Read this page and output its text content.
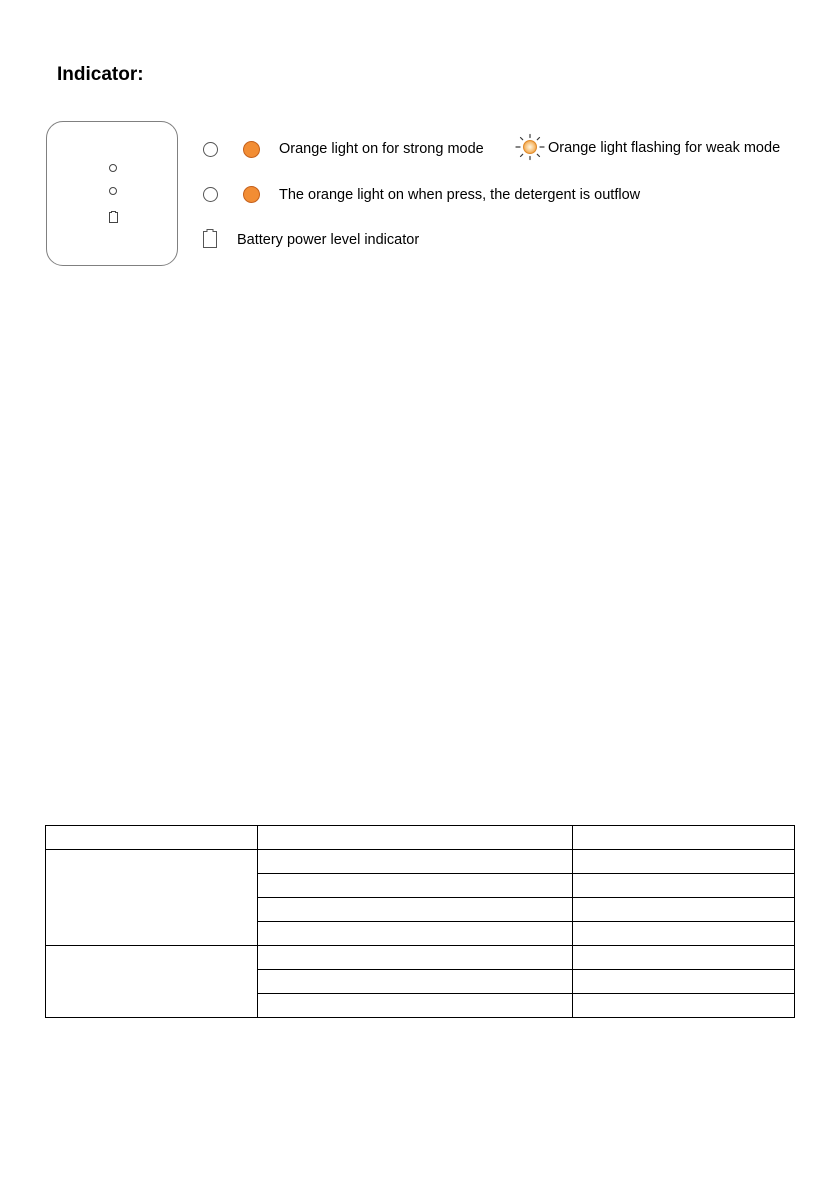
Indicator:
Orange light on for strong mode	Orange light flashing for weak mode
The orange light on when press, the detergent is outflow
Battery power level indicator
